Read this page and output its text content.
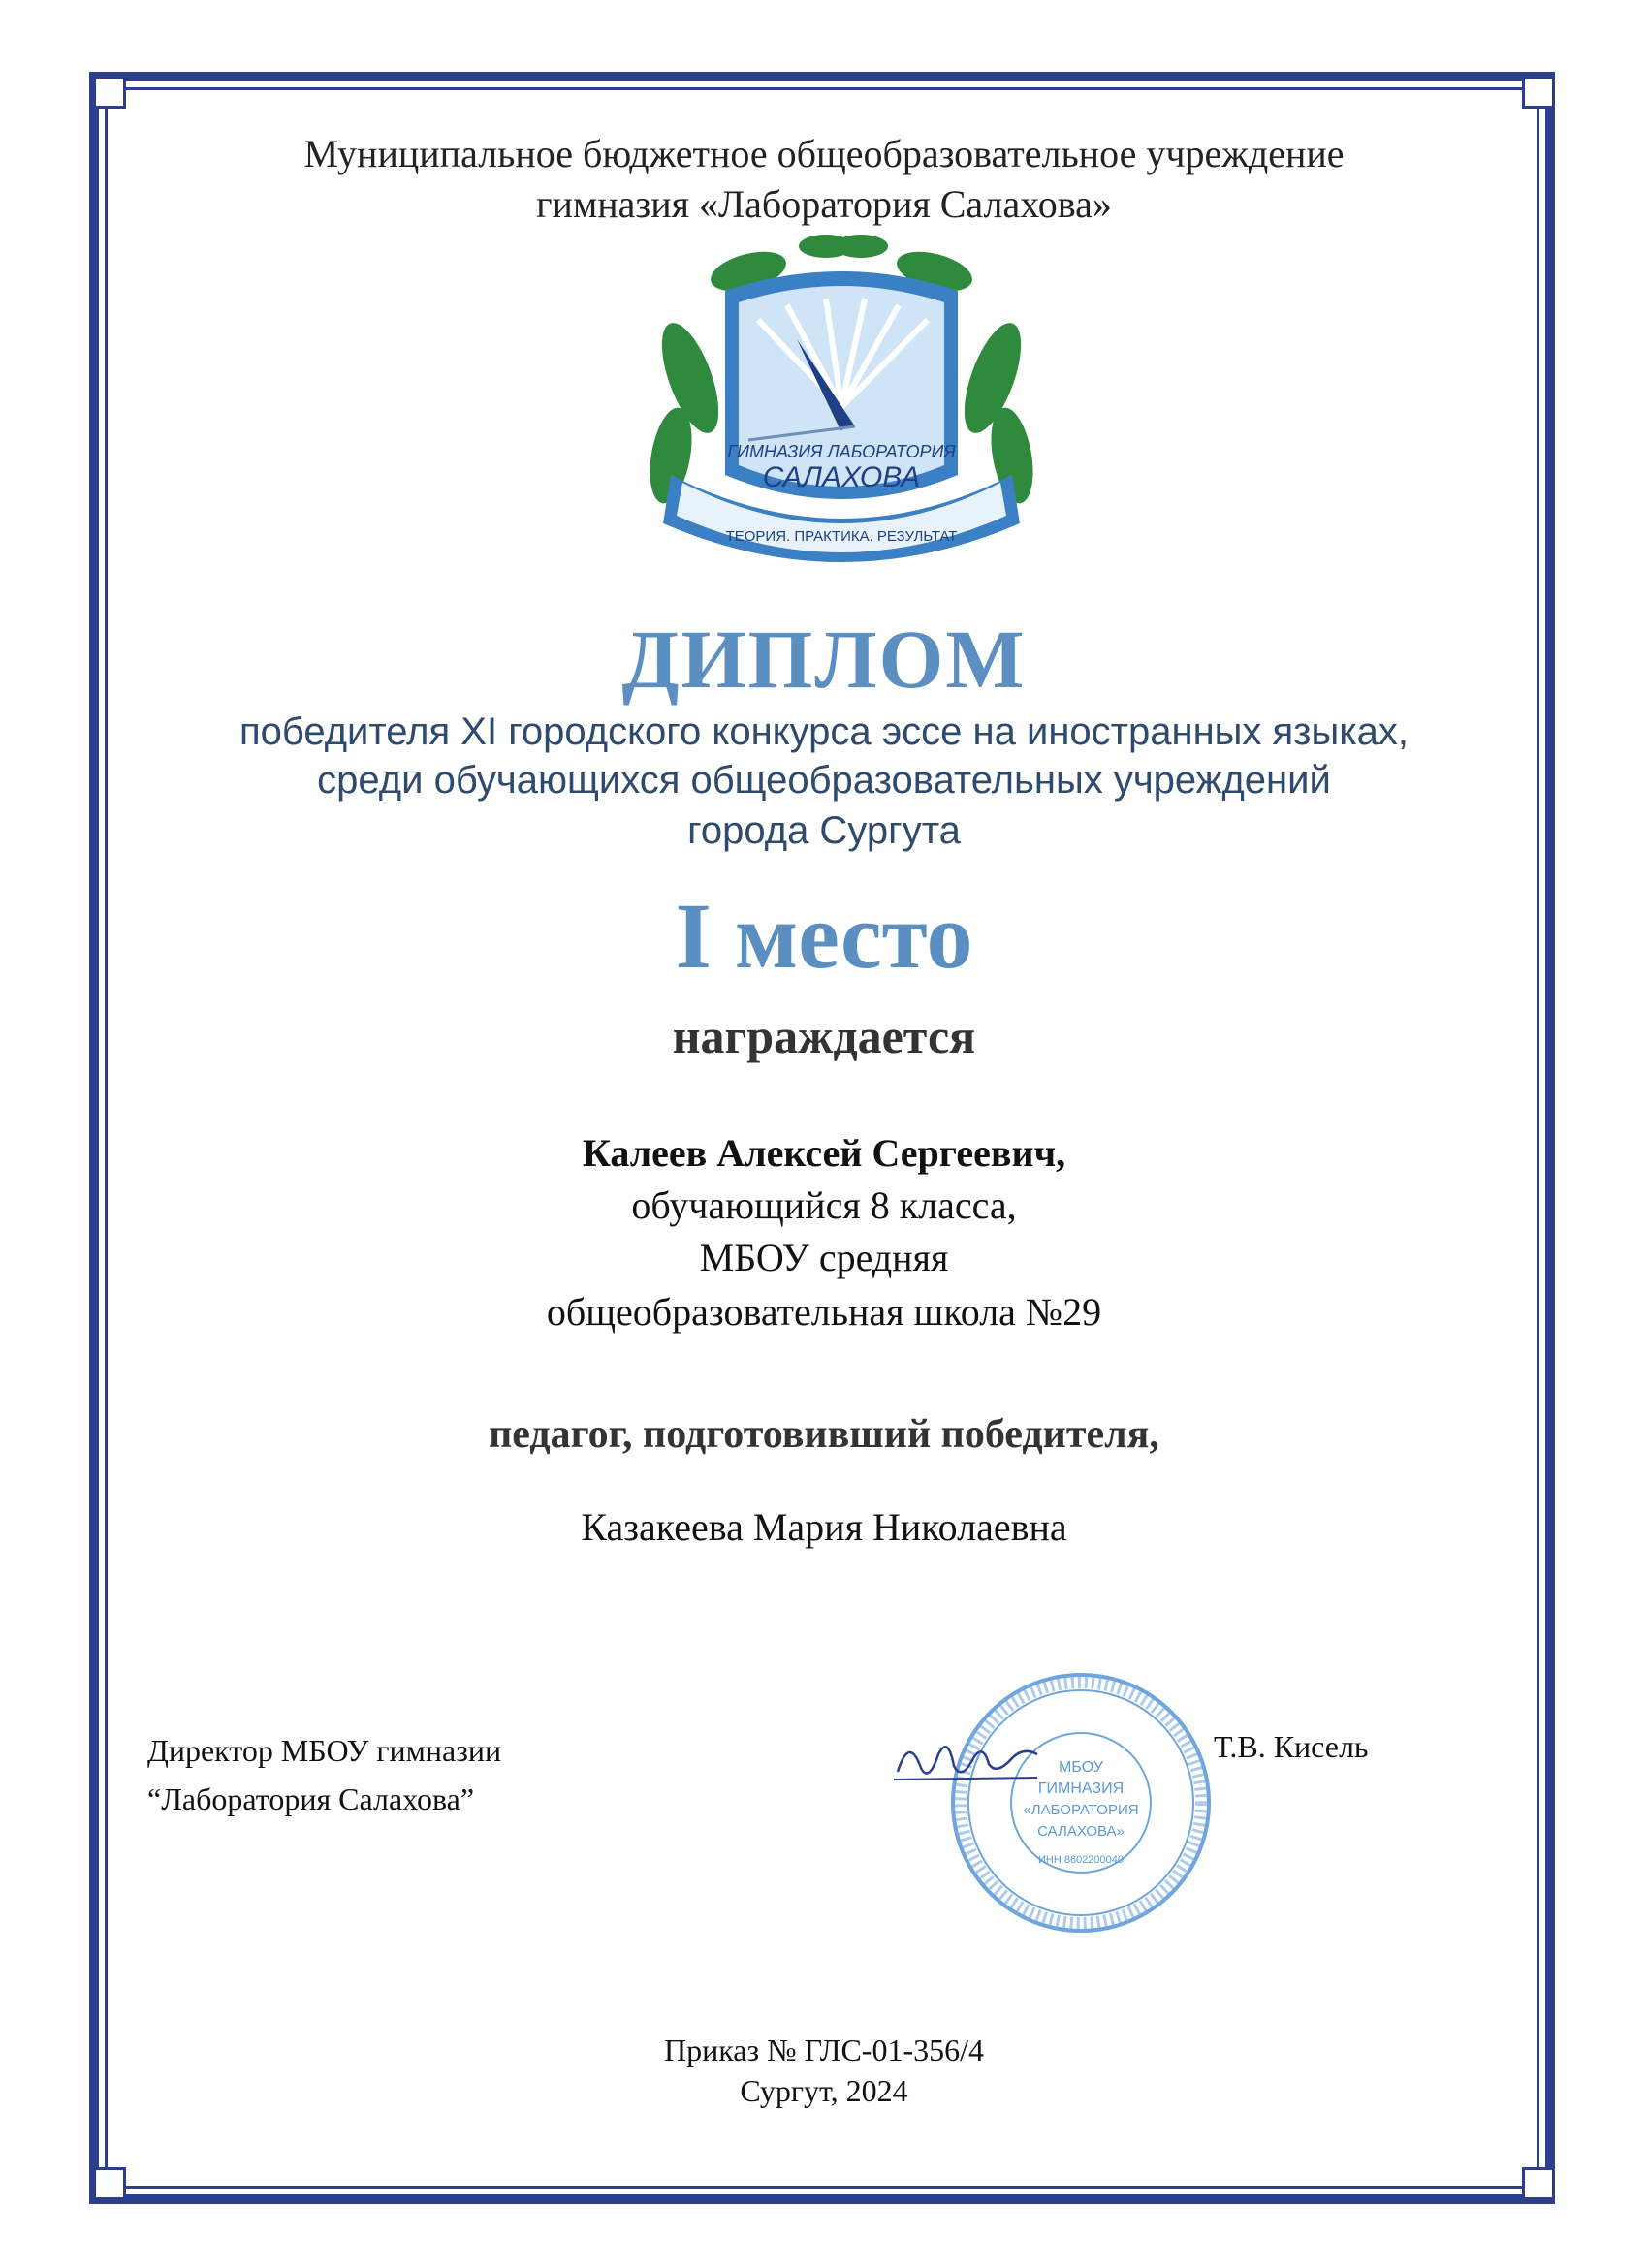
Муниципальное бюджетное общеобразовательное учреждение
гимназия «Лаборатория Салахова»
ГИМНАЗИЯ ЛАБОРАТОРИЯ
САЛАХОВА
ТЕОРИЯ. ПРАКТИКА. РЕЗУЛЬТАТ
ДИПЛОМ
победителя XI городского конкурса эссе на иностранных языках,
среди обучающихся общеобразовательных учреждений
города Сургута
I место
награждается
Калеев Алексей Сергеевич,
обучающийся 8 класса,
МБОУ средняя
общеобразовательная школа №29
педагог, подготовивший победителя,
Казакеева Мария Николаевна
Директор МБОУ гимназии
“Лаборатория Салахова”
МБОУ
ГИМНАЗИЯ
«ЛАБОРАТОРИЯ
САЛАХОВА»
ИНН 8602200040
Т.В. Кисель
Приказ № ГЛС-01-356/4
Сургут, 2024
